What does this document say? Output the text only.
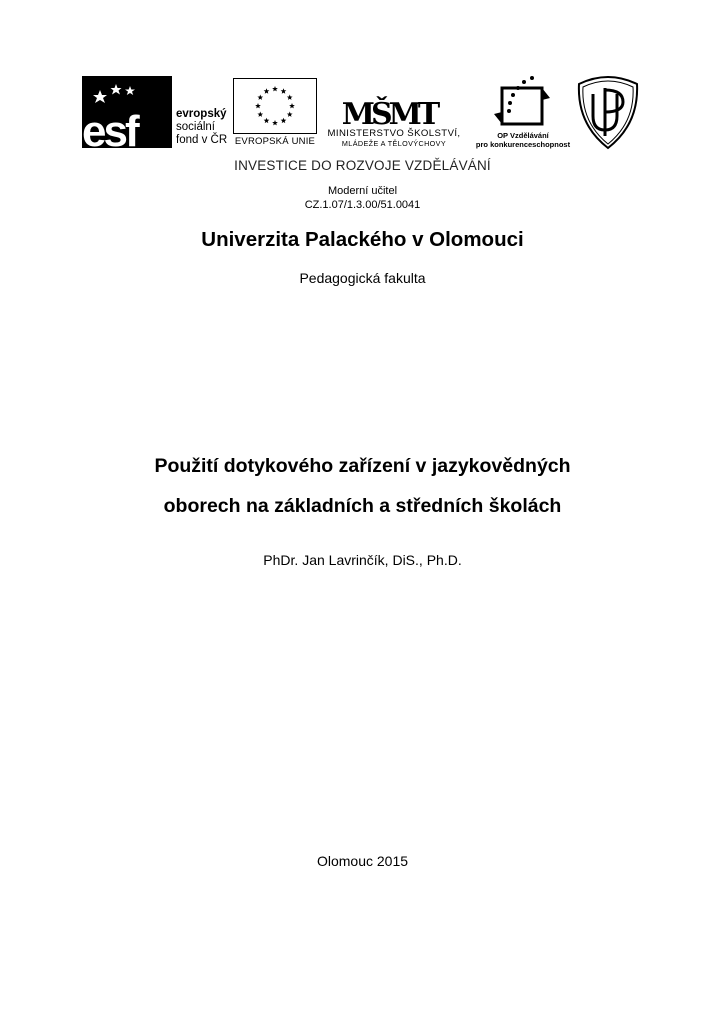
esf	evropský
sociální
fond v ČR EVROPSKÁ UNIE
MŠMT
MINISTERSTVO ŠKOLSTVÍ,
MLÁDEŽE A TĚLOVÝCHOVY
OP Vzdělávání
pro konkurenceschopnost
INVESTICE DO ROZVOJE VZDĚLÁVÁNÍ
Moderní učitel
CZ.1.07/1.3.00/51.0041
Univerzita Palackého v Olomouci
Pedagogická fakulta
Použití dotykového zařízení v jazykovědných
oborech na základních a středních školách
PhDr. Jan Lavrinčík, DiS., Ph.D.
Olomouc 2015
